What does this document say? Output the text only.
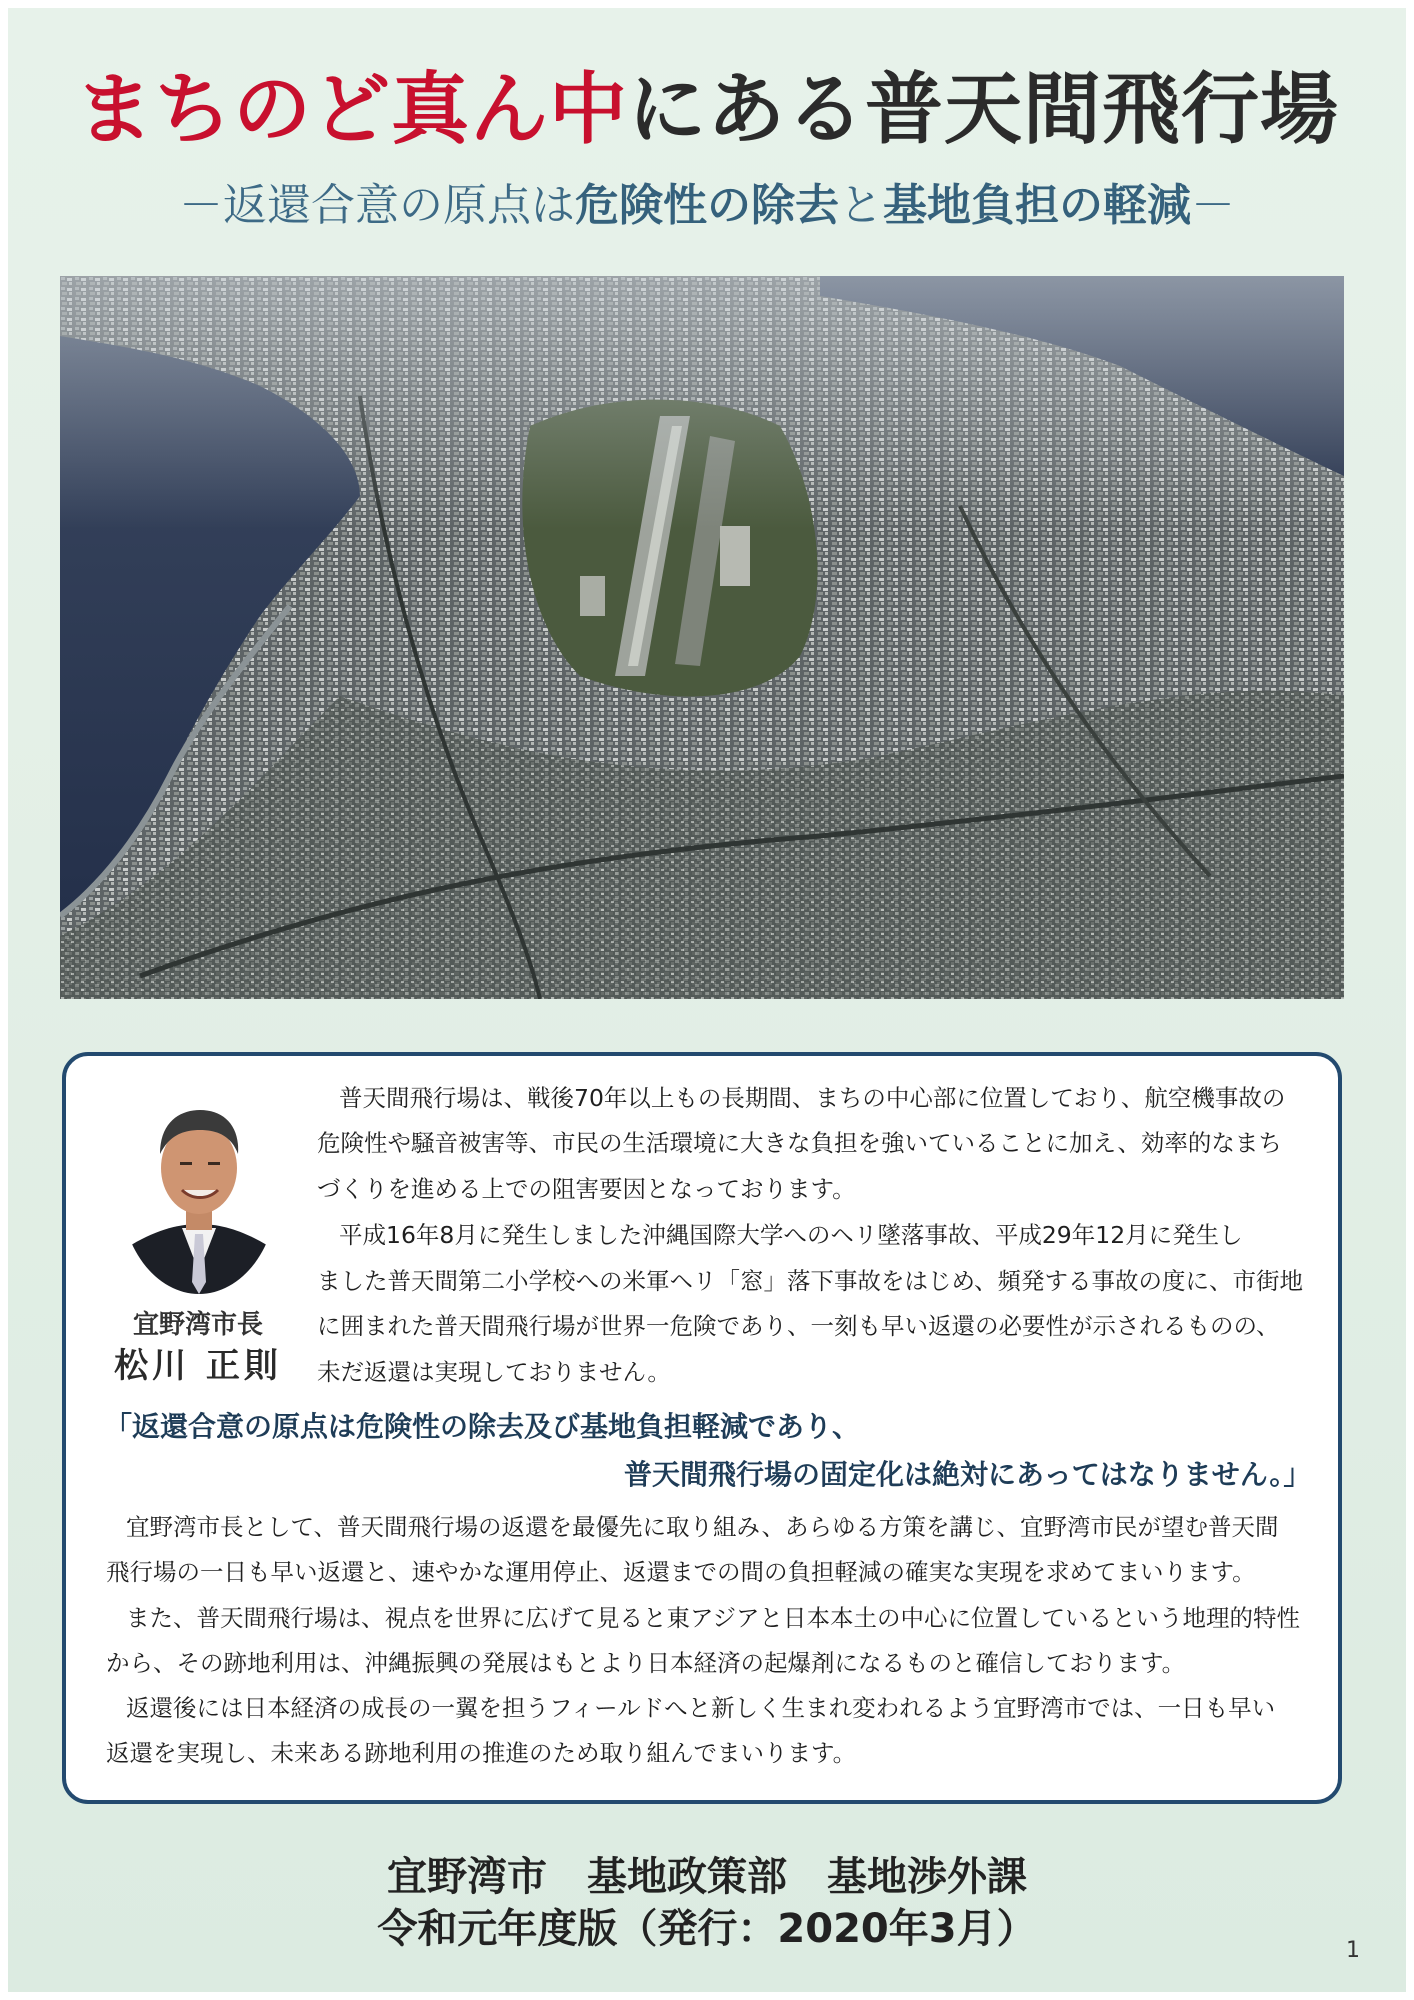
まちのど真ん中にある普天間飛行場
－返還合意の原点は危険性の除去と基地負担の軽減－
宜野湾市長
松川 正則
普天間飛行場は、戦後70年以上もの長期間、まちの中心部に位置しており、航空機事故の
危険性や騒音被害等、市民の生活環境に大きな負担を強いていることに加え、効率的なまち
づくりを進める上での阻害要因となっております。
平成16年8月に発生しました沖縄国際大学へのヘリ墜落事故、平成29年12月に発生し
ました普天間第二小学校への米軍ヘリ「窓」落下事故をはじめ、頻発する事故の度に、市街地
に囲まれた普天間飛行場が世界一危険であり、一刻も早い返還の必要性が示されるものの、
未だ返還は実現しておりません。
「返還合意の原点は危険性の除去及び基地負担軽減であり、
普天間飛行場の固定化は絶対にあってはなりません。」
宜野湾市長として、普天間飛行場の返還を最優先に取り組み、あらゆる方策を講じ、宜野湾市民が望む普天間
飛行場の一日も早い返還と、速やかな運用停止、返還までの間の負担軽減の確実な実現を求めてまいります。
また、普天間飛行場は、視点を世界に広げて見ると東アジアと日本本土の中心に位置しているという地理的特性
から、その跡地利用は、沖縄振興の発展はもとより日本経済の起爆剤になるものと確信しております。
返還後には日本経済の成長の一翼を担うフィールドへと新しく生まれ変われるよう宜野湾市では、一日も早い
返還を実現し、未来ある跡地利用の推進のため取り組んでまいります。
宜野湾市　基地政策部　基地渉外課
令和元年度版（発行：2020年3月）	1
